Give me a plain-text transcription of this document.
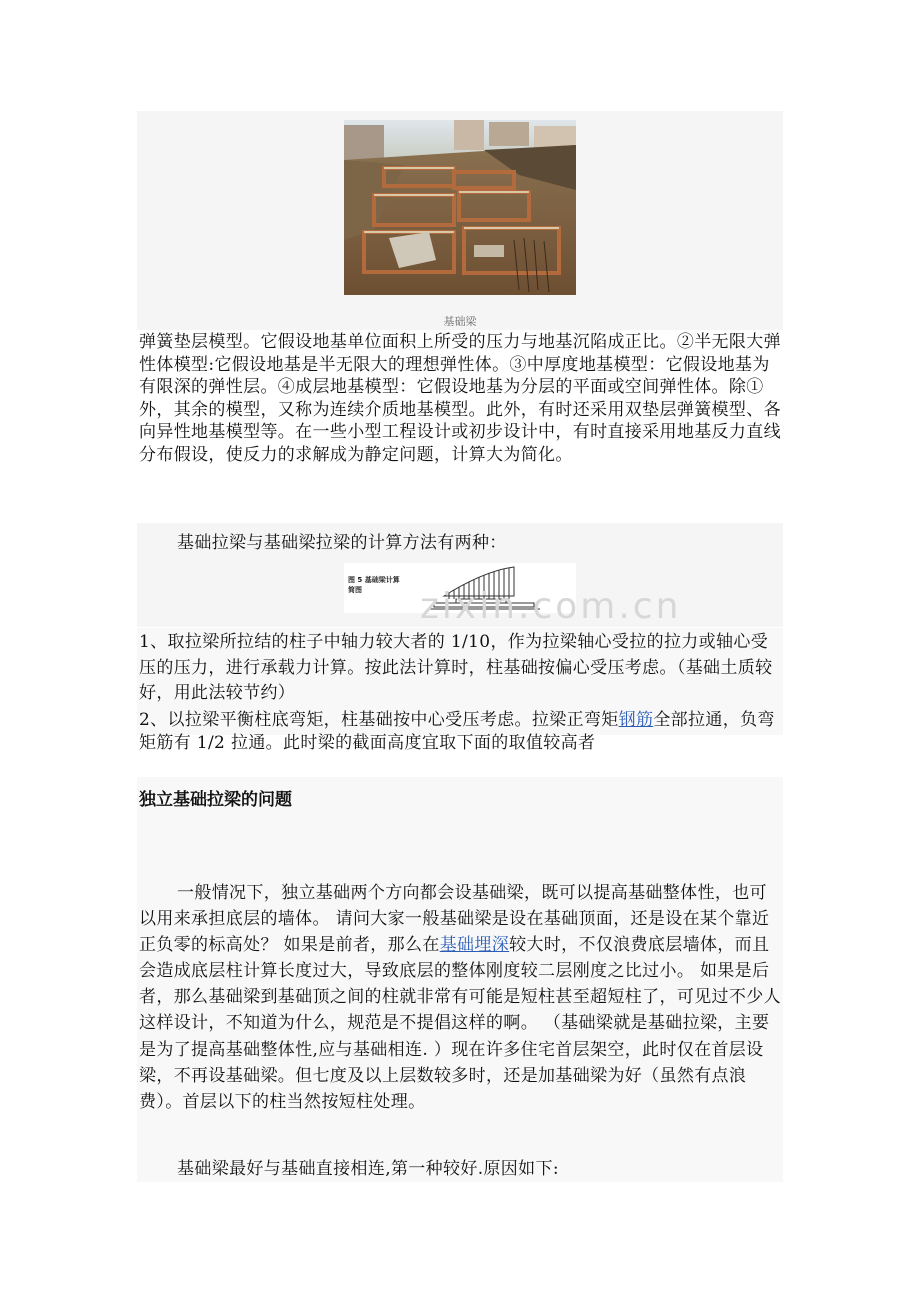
基础梁

弹簧垫层模型。它假设地基单位面积上所受的压力与地基沉陷成正比。②半无限大弹性体模型:它假设地基是半无限大的理想弹性体。③中厚度地基模型：它假设地基为有限深的弹性层。④成层地基模型：它假设地基为分层的平面或空间弹性体。除①外，其余的模型，又称为连续介质地基模型。此外，有时还采用双垫层弹簧模型、各向异性地基模型等。在一些小型工程设计或初步设计中，有时直接采用地基反力直线分布假设，使反力的求解成为静定问题，计算大为简化。

基础拉梁与基础梁拉梁的计算方法有两种：

图 5 基础梁计算
简图 zixin.com.cn

1、取拉梁所拉结的柱子中轴力较大者的 1/10，作为拉梁轴心受拉的拉力或轴心受压的压力，进行承载力计算。按此法计算时，柱基础按偏心受压考虑。（基础土质较好，用此法较节约）

2、以拉梁平衡柱底弯矩，柱基础按中心受压考虑。拉梁正弯矩钢筋全部拉通，负弯矩筋有 1/2 拉通。此时梁的截面高度宜取下面的取值较高者

独立基础拉梁的问题

一般情况下，独立基础两个方向都会设基础梁，既可以提高基础整体性，也可以用来承担底层的墙体。 请问大家一般基础梁是设在基础顶面，还是设在某个靠近正负零的标高处？ 如果是前者，那么在基础埋深较大时，不仅浪费底层墙体，而且会造成底层柱计算长度过大，导致底层的整体刚度较二层刚度之比过小。 如果是后者，那么基础梁到基础顶之间的柱就非常有可能是短柱甚至超短柱了，可见过不少人这样设计，不知道为什么，规范是不提倡这样的啊。 （基础梁就是基础拉梁，主要是为了提高基础整体性,应与基础相连. ）现在许多住宅首层架空，此时仅在首层设梁，不再设基础梁。但七度及以上层数较多时，还是加基础梁为好（虽然有点浪费）。首层以下的柱当然按短柱处理。

基础梁最好与基础直接相连,第一种较好.原因如下:
